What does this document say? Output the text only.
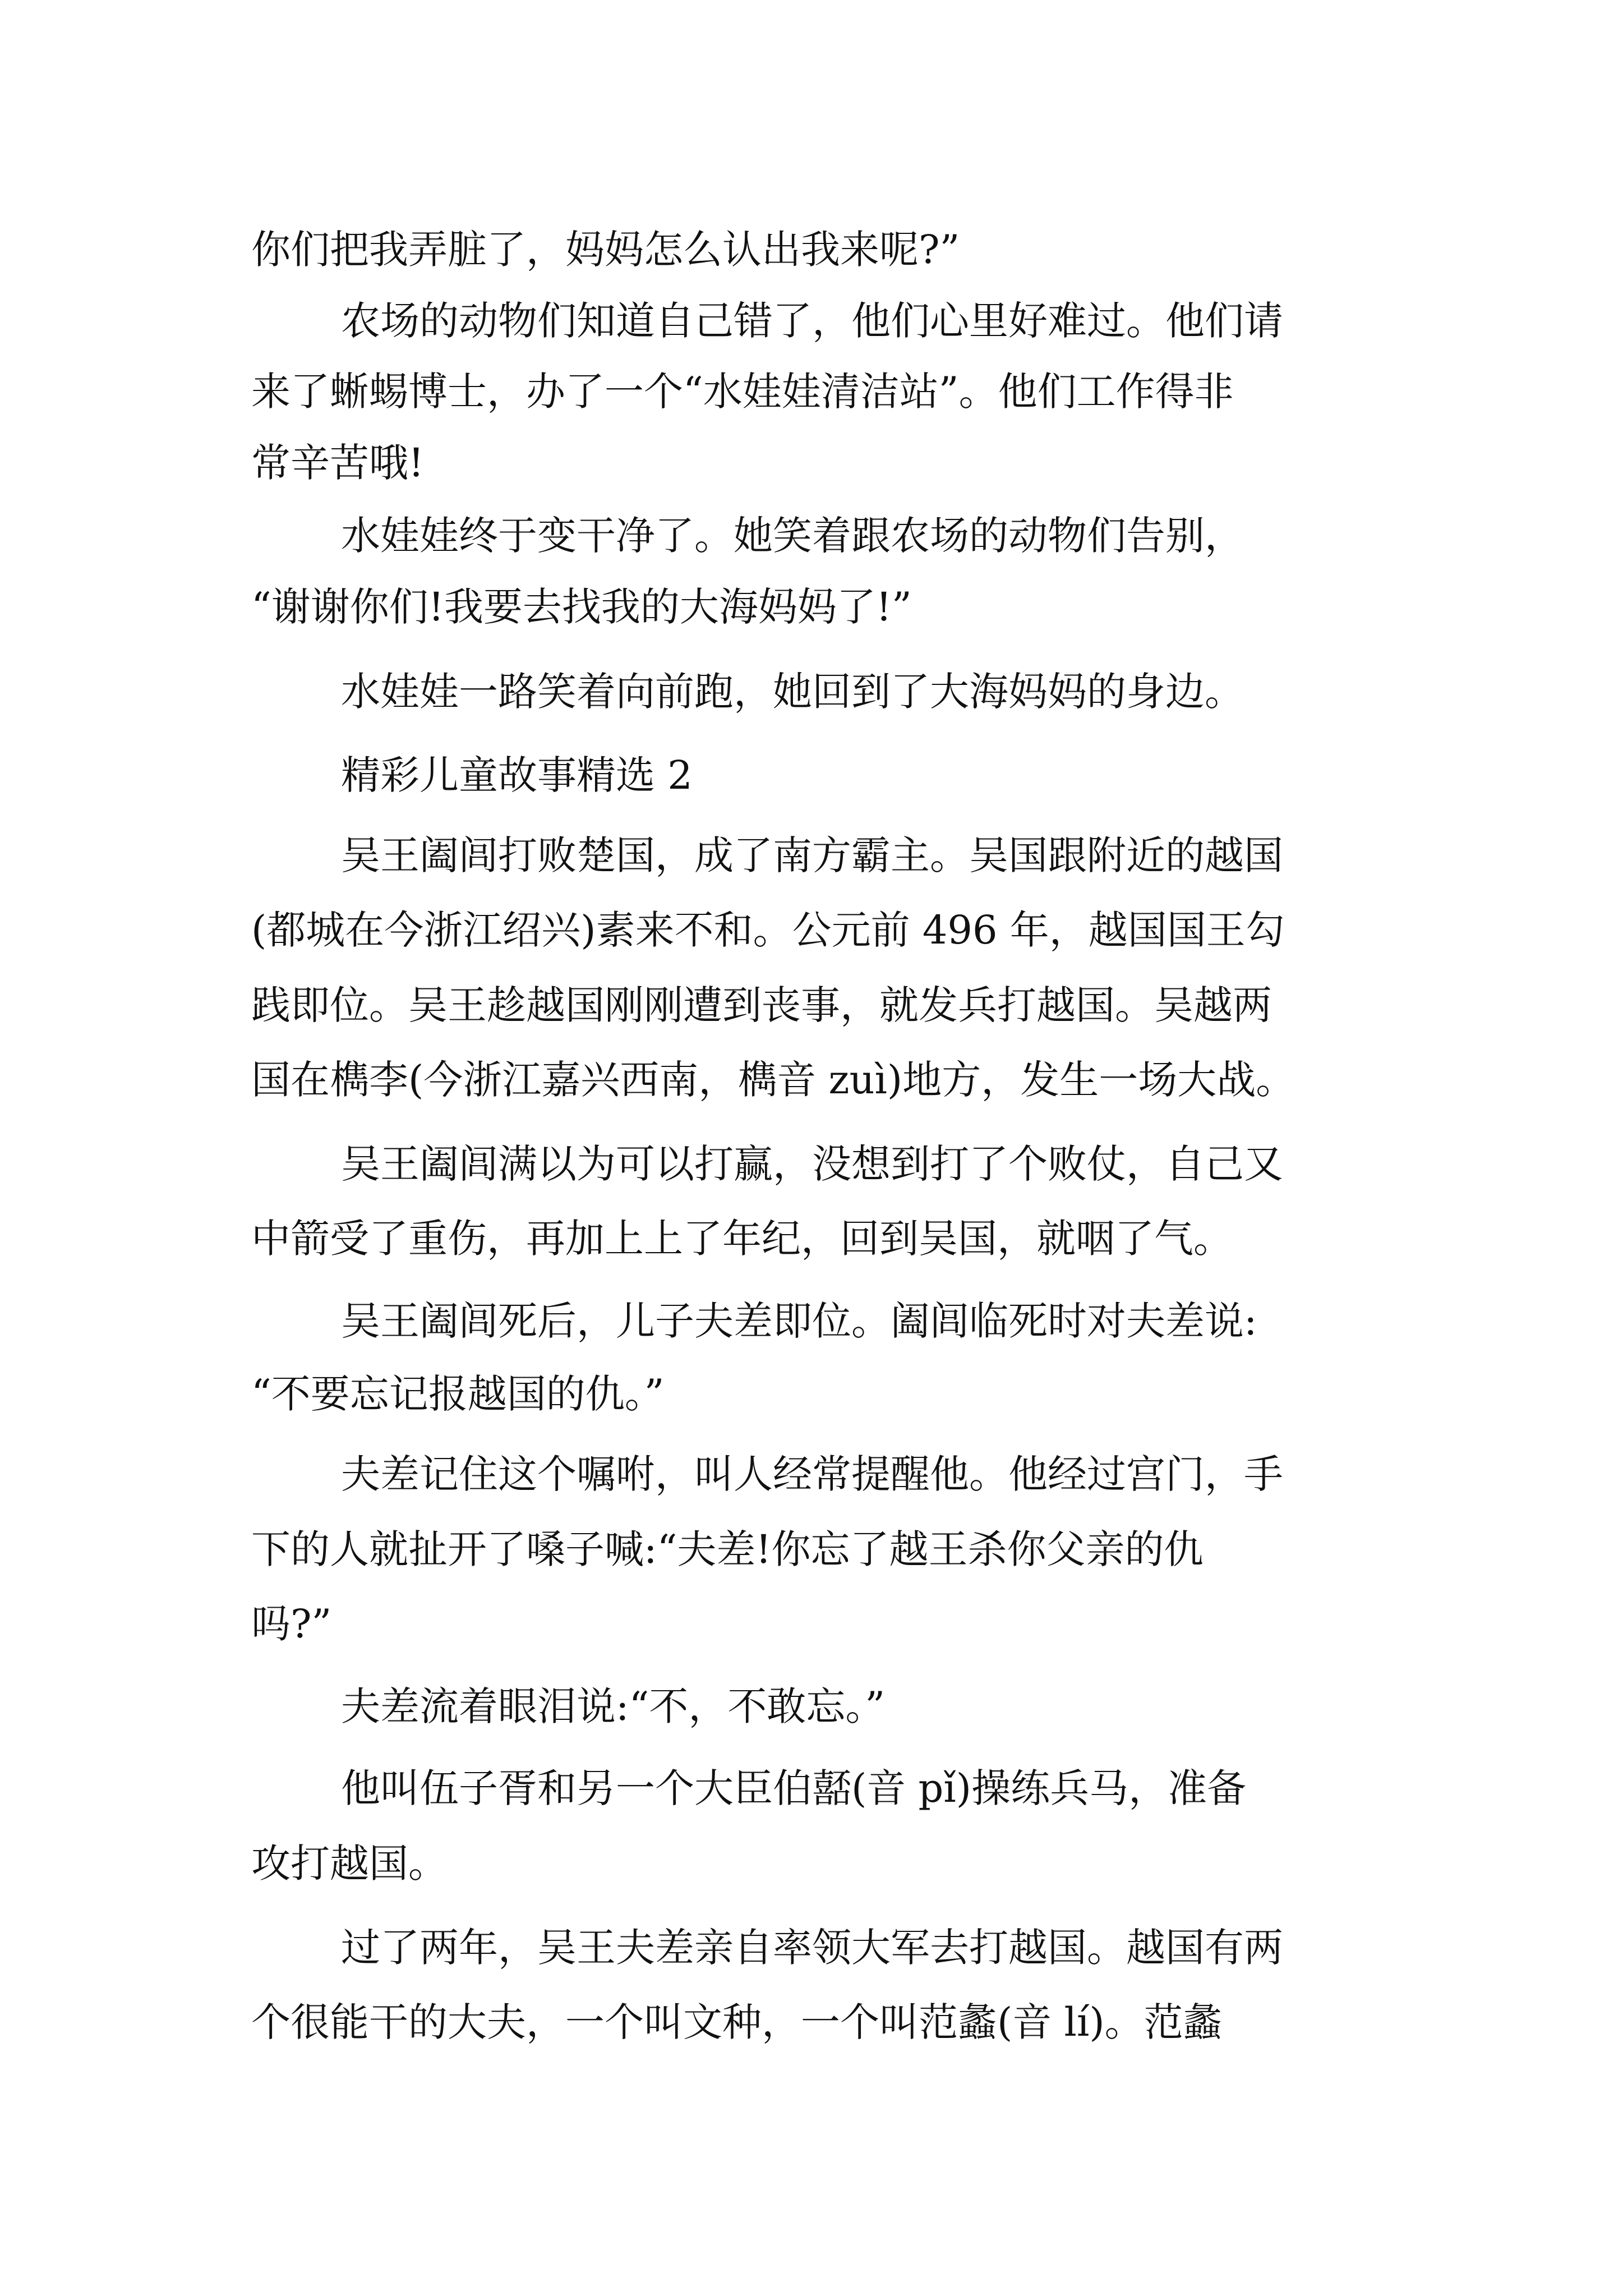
你们把我弄脏了，妈妈怎么认出我来呢?”
农场的动物们知道自己错了，他们心里好难过。他们请
来了蜥蜴博士，办了一个“水娃娃清洁站”。他们工作得非
常辛苦哦!
水娃娃终于变干净了。她笑着跟农场的动物们告别，
“谢谢你们!我要去找我的大海妈妈了!”
水娃娃一路笑着向前跑，她回到了大海妈妈的身边。
精彩儿童故事精选 2
吴王阖闾打败楚国，成了南方霸主。吴国跟附近的越国
(都城在今浙江绍兴)素来不和。公元前 496 年，越国国王勾
践即位。吴王趁越国刚刚遭到丧事，就发兵打越国。吴越两
国在檇李(今浙江嘉兴西南，檇音 zuì)地方，发生一场大战。
吴王阖闾满以为可以打赢，没想到打了个败仗，自己又
中箭受了重伤，再加上上了年纪，回到吴国，就咽了气。
吴王阖闾死后，儿子夫差即位。阖闾临死时对夫差说:
“不要忘记报越国的仇。”
夫差记住这个嘱咐，叫人经常提醒他。他经过宫门，手
下的人就扯开了嗓子喊:“夫差!你忘了越王杀你父亲的仇
吗?”
夫差流着眼泪说:“不，不敢忘。”
他叫伍子胥和另一个大臣伯嚭(音 pǐ)操练兵马，准备
攻打越国。
过了两年，吴王夫差亲自率领大军去打越国。越国有两
个很能干的大夫，一个叫文种，一个叫范蠡(音 lí)。范蠡
